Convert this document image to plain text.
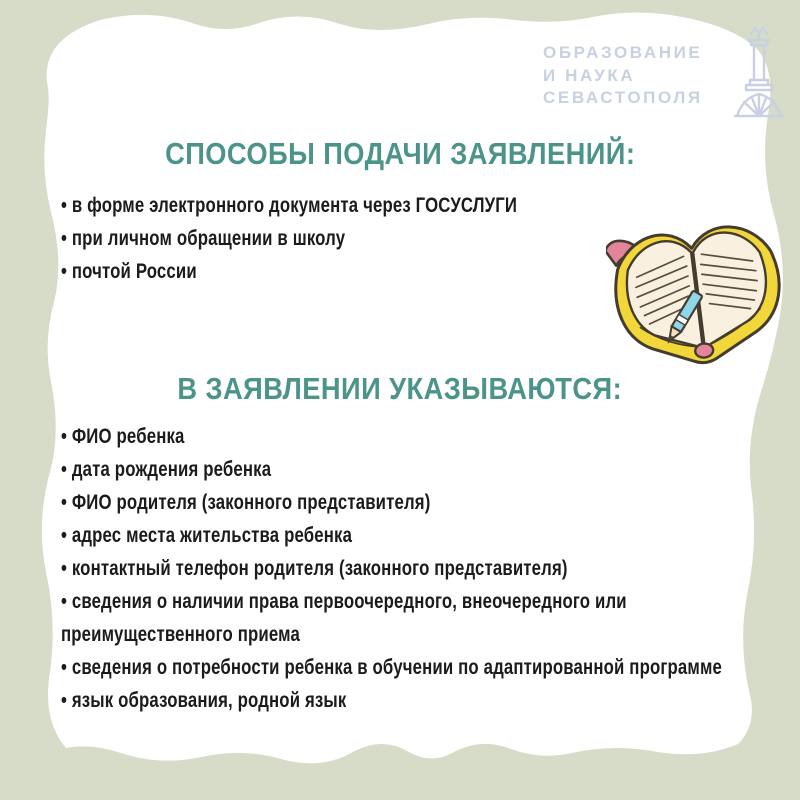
ОБРАЗОВАНИЕ
И НАУКА
СЕВАСТОПОЛЯ
СПОСОБЫ ПОДАЧИ ЗАЯВЛЕНИЙ:
• в форме электронного документа через ГОСУСЛУГИ
• при личном обращении в школу
• почтой России
В ЗАЯВЛЕНИИ УКАЗЫВАЮТСЯ:
• ФИО ребенка
• дата рождения ребенка
• ФИО родителя (законного представителя)
• адрес места жительства ребенка
• контактный телефон родителя (законного представителя)
• сведения о наличии права первоочередного, внеочередного или преимущественного приема
• сведения о потребности ребенка в обучении по адаптированной программе
• язык образования, родной язык
